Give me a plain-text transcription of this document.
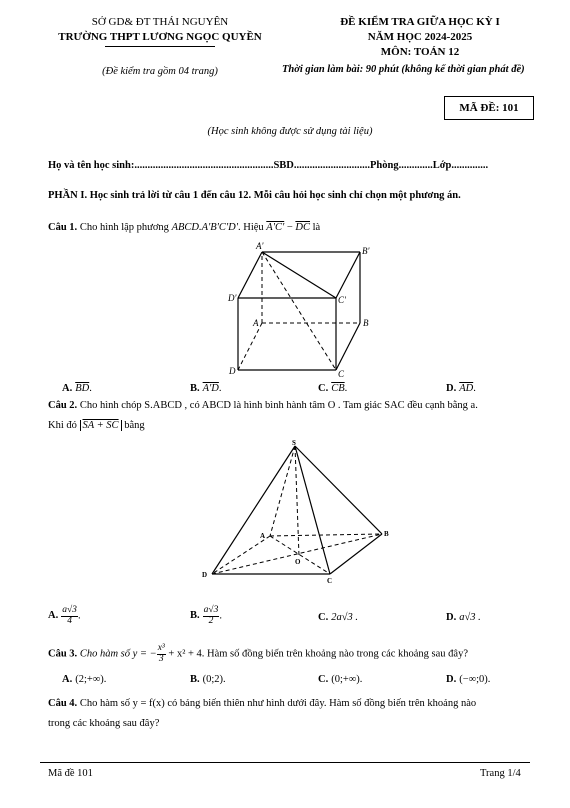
SỞ GD& ĐT THÁI NGUYÊN
TRƯỜNG THPT LƯƠNG NGỌC QUYỀN
(Đề kiểm tra gồm 04 trang)
ĐỀ KIỂM TRA GIỮA HỌC KỲ I
NĂM HỌC 2024-2025
MÔN: TOÁN 12
Thời gian làm bài: 90 phút (không kể thời gian phát đề)
MÃ ĐỀ: 101
(Học sinh không được sử dụng tài liệu)
Họ và tên học sinh:.....................................................SBD.............................Phòng.............Lớp..............
PHẦN I. Học sinh trả lời từ câu 1 đến câu 12. Mỗi câu hỏi học sinh chỉ chọn một phương án.
Câu 1. Cho hình lập phương ABCD.A'B'C'D'. Hiệu $A'C' - \overline{DC}$ là
A'	B'
D'	C'
A	B
D	C
A. $\overline{BD}$.	B. A'D.	C. $\overline{CB}$.	D. $\overline{AD}$.
Câu 2. Cho hình chóp S.ABCD , có ABCD là hình bình hành tâm O . Tam giác SAC đều cạnh bằng a.
Khi đó SA + SC bằng
S
A	B
D
C
O
A. $\frac{a√3}{4}$ .	B. $\frac{a√3}{2}$ .	C. 2a√3 .	D. a√3 .
Câu 3. Cho hàm số y = − $\frac{\text{x³}}{3} + x^2 + 4$. Hàm số đồng biến trên khoảng nào trong các khoảng sau đây?
A. (2;+∞).	B. (0;2).	C. (0;+∞).	D. (−∞;0).
Câu 4. Cho hàm số y = f(x) có bảng biến thiên như hình dưới đây. Hàm số đồng biến trên khoảng nào
trong các khoảng sau đây?
Mã đề 101	Trang 1/4
